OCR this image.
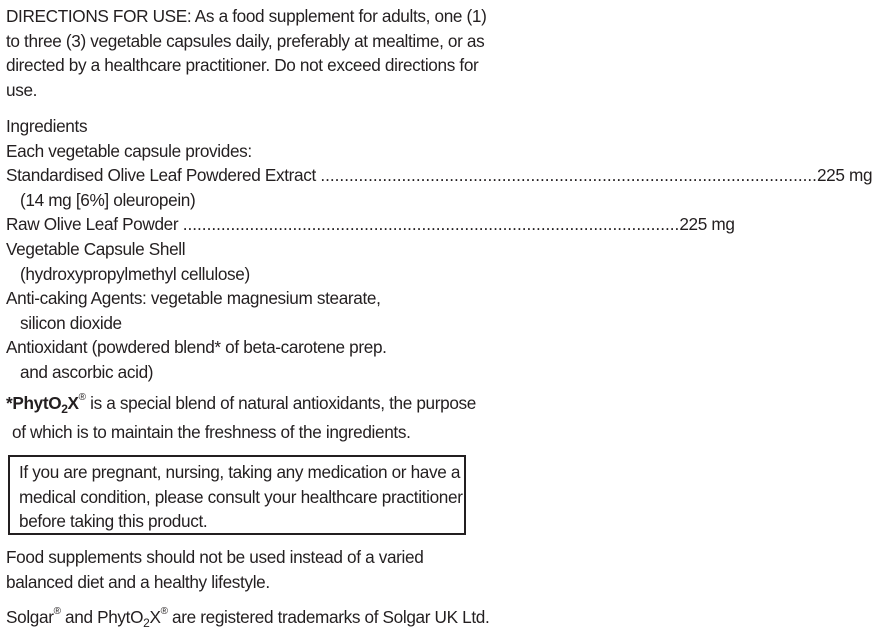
DIRECTIONS FOR USE: As a food supplement for adults, one (1) to three (3) vegetable capsules daily, preferably at mealtime, or as directed by a healthcare practitioner. Do not exceed directions for use.

Ingredients

Each vegetable capsule provides:

Standardised Olive Leaf Powdered Extract
........................................................................................................ 225 mg

(14 mg [6%] oleuropein)

Raw Olive Leaf Powder
........................................................................................................ 225 mg

Vegetable Capsule Shell

(hydroxypropylmethyl cellulose)

Anti-caking Agents: vegetable magnesium stearate,

silicon dioxide

Antioxidant (powdered blend* of beta-carotene prep.

and ascorbic acid)

*PhytO$_2$X® is a special blend of natural antioxidants, the purpose
of which is to maintain the freshness of the ingredients.
If you are pregnant, nursing, taking any medication or have a medical condition, please consult your healthcare practitioner before taking this product.
Food supplements should not be used instead of a varied balanced diet and a healthy lifestyle.
Solgar® and PhytO$_2$X® are registered trademarks of Solgar UK Ltd.
